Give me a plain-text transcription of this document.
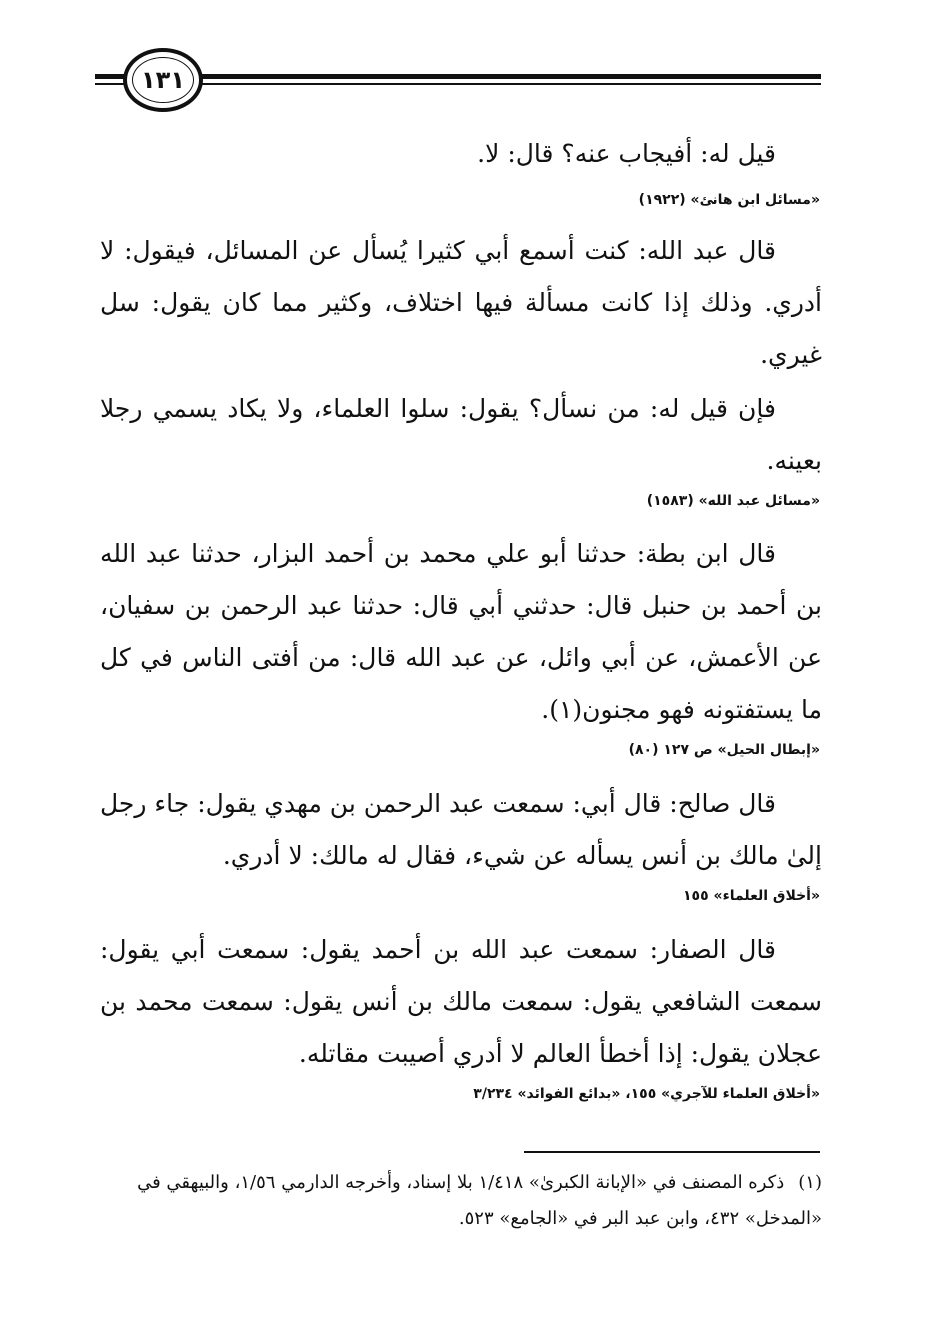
١٣١

قيل له: أفيجاب عنه؟ قال: لا.

«مسائل ابن هانئ» (١٩٢٢)

قال عبد الله: كنت أسمع أبي كثيرا يُسأل عن المسائل، فيقول: لا أدري. وذلك إذا كانت مسألة فيها اختلاف، وكثير مما كان يقول: سل غيري.

فإن قيل له: من نسأل؟ يقول: سلوا العلماء، ولا يكاد يسمي رجلا بعينه.

«مسائل عبد الله» (١٥٨٣)

قال ابن بطة: حدثنا أبو علي محمد بن أحمد البزار، حدثنا عبد الله بن أحمد بن حنبل قال: حدثني أبي قال: حدثنا عبد الرحمن بن سفيان، عن الأعمش، عن أبي وائل، عن عبد الله قال: من أفتى الناس في كل ما يستفتونه فهو مجنون(١).

«إبطال الحيل» ص ١٢٧ (٨٠)

قال صالح: قال أبي: سمعت عبد الرحمن بن مهدي يقول: جاء رجل إلىٰ مالك بن أنس يسأله عن شيء، فقال له مالك: لا أدري.

«أخلاق العلماء» ١٥٥

قال الصفار: سمعت عبد الله بن أحمد يقول: سمعت أبي يقول: سمعت الشافعي يقول: سمعت مالك بن أنس يقول: سمعت محمد بن عجلان يقول: إذا أخطأ العالم لا أدري أصيبت مقاتله.

«أخلاق العلماء للآجري» ١٥٥، «بدائع الفوائد» ٣/٢٣٤
(١)ذكره المصنف في «الإبانة الكبرىٰ» ١/٤١٨ بلا إسناد، وأخرجه الدارمي ١/٥٦، والبيهقي في «المدخل» ٤٣٢، وابن عبد البر في «الجامع» ٥٢٣.
